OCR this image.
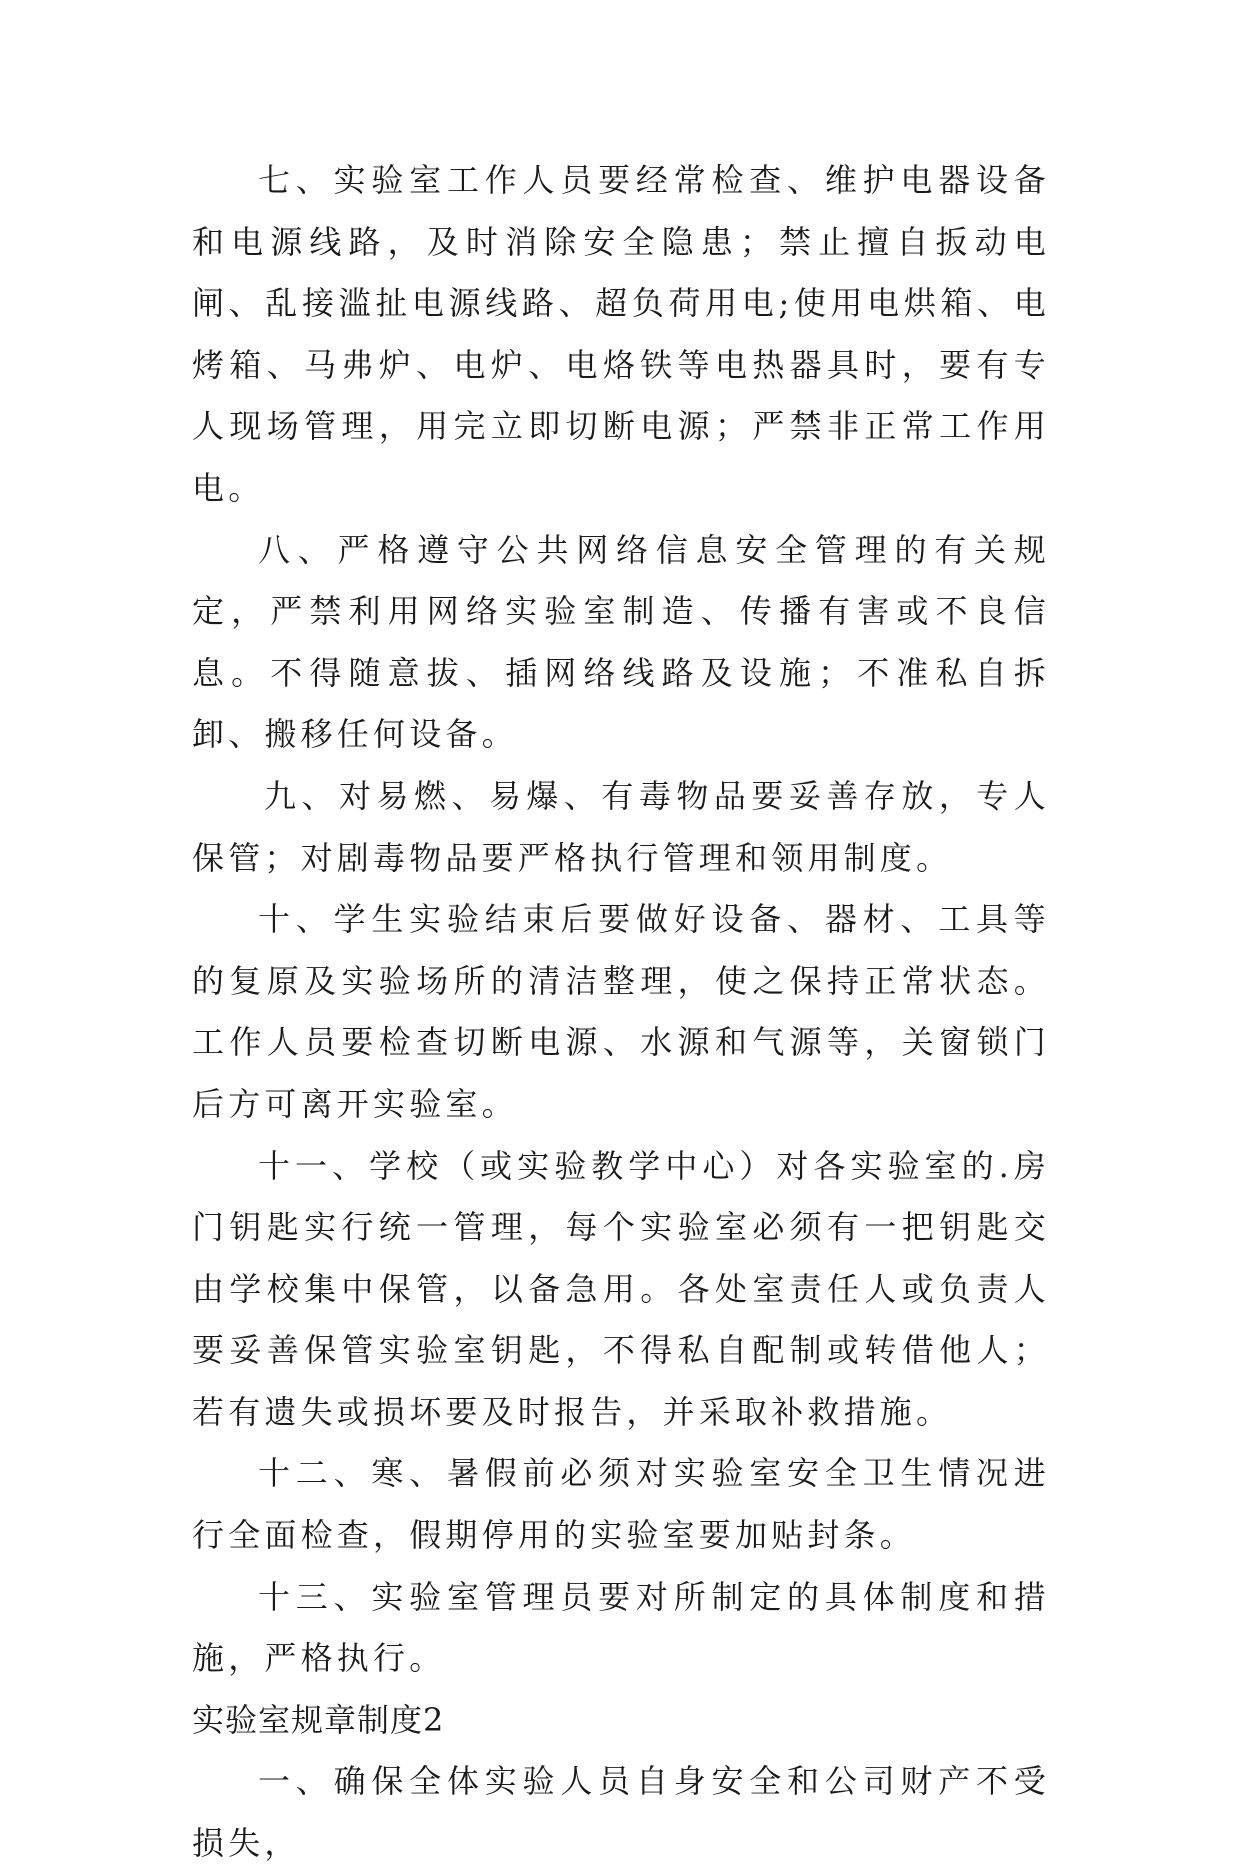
七、实验室工作人员要经常检查、维护电器设备和电源线路，及时消除安全隐患；禁止擅自扳动电闸、乱接滥扯电源线路、超负荷用电;使用电烘箱、电烤箱、马弗炉、电炉、电烙铁等电热器具时，要有专人现场管理，用完立即切断电源；严禁非正常工作用电。

八、严格遵守公共网络信息安全管理的有关规定，严禁利用网络实验室制造、传播有害或不良信息。不得随意拔、插网络线路及设施；不准私自拆卸、搬移任何设备。

九、对易燃、易爆、有毒物品要妥善存放，专人保管；对剧毒物品要严格执行管理和领用制度。

十、学生实验结束后要做好设备、器材、工具等的复原及实验场所的清洁整理，使之保持正常状态。工作人员要检查切断电源、水源和气源等，关窗锁门后方可离开实验室。

十一、学校（或实验教学中心）对各实验室的.房门钥匙实行统一管理，每个实验室必须有一把钥匙交由学校集中保管，以备急用。各处室责任人或负责人要妥善保管实验室钥匙，不得私自配制或转借他人；若有遗失或损坏要及时报告，并采取补救措施。

十二、寒、暑假前必须对实验室安全卫生情况进行全面检查，假期停用的实验室要加贴封条。

十三、实验室管理员要对所制定的具体制度和措施，严格执行。

实验室规章制度2

一、确保全体实验人员自身安全和公司财产不受损失，
